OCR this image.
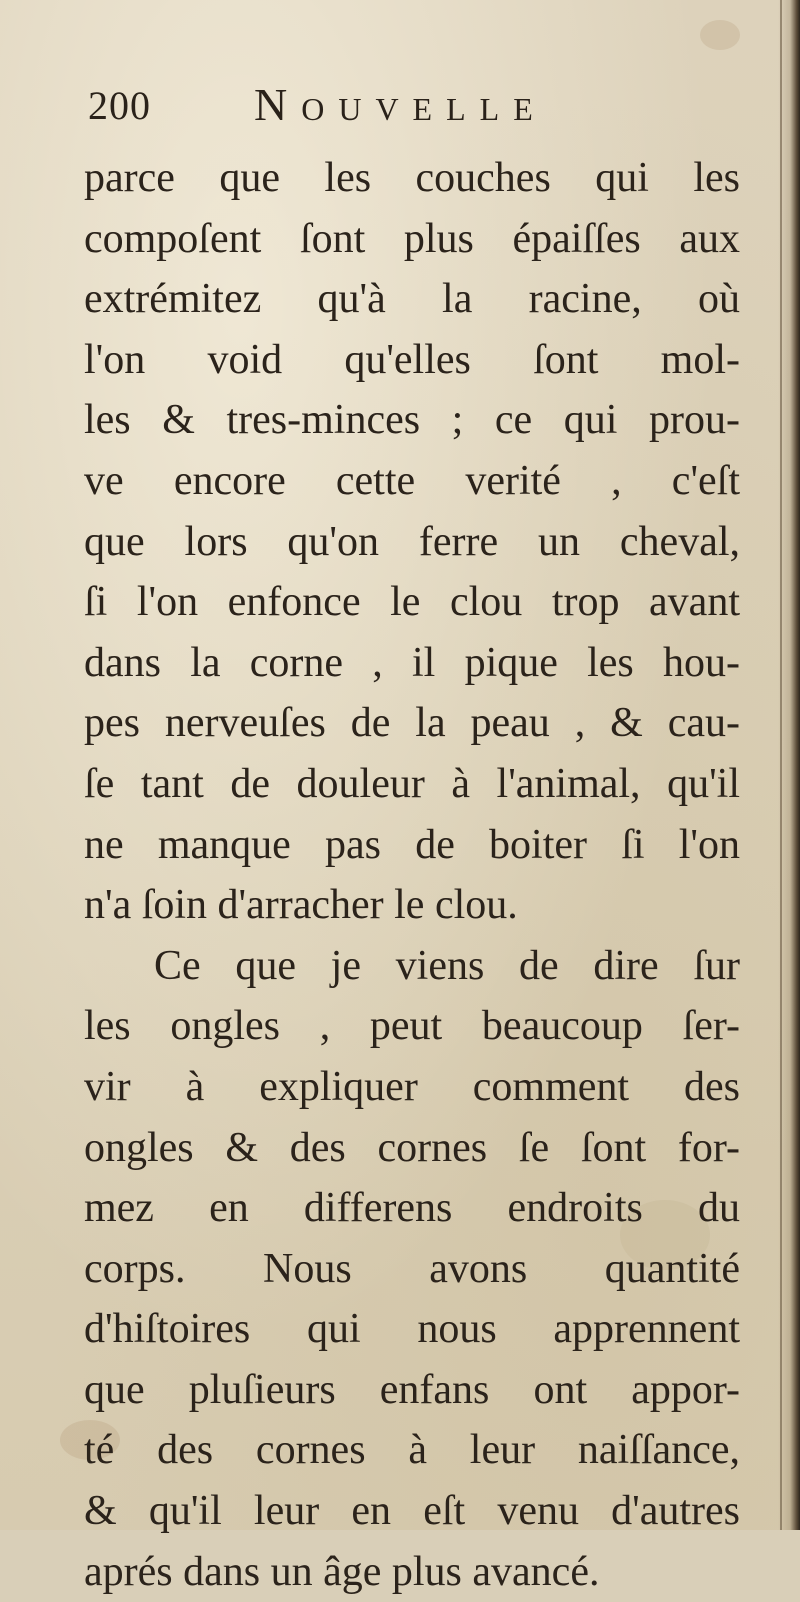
200 Nouvelle
parce que les couches qui les
compoſent ſont plus épaiſſes aux
extrémitez qu'à la racine, où
l'on void qu'elles ſont mol-
les & tres-minces ; ce qui prou-
ve encore cette verité , c'eſt
que lors qu'on ferre un cheval,
ſi l'on enfonce le clou trop avant
dans la corne , il pique les hou-
pes nerveuſes de la peau , & cau-
ſe tant de douleur à l'animal, qu'il
ne manque pas de boiter ſi l'on
n'a ſoin d'arracher le clou.
Ce que je viens de dire ſur
les ongles , peut beaucoup ſer-
vir à expliquer comment des
ongles & des cornes ſe ſont for-
mez en differens endroits du
corps. Nous avons quantité
d'hiſtoires qui nous apprennent
que pluſieurs enfans ont appor-
té des cornes à leur naiſſance,
& qu'il leur en eſt venu d'autres
aprés dans un âge plus avancé.
